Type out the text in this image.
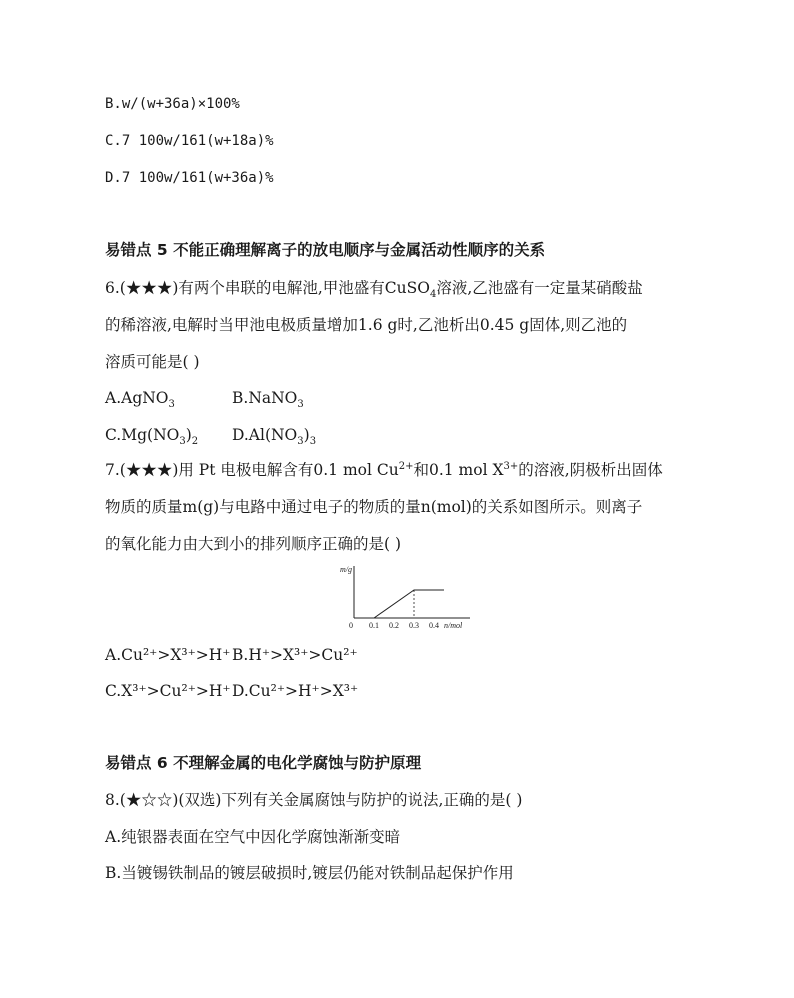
B.w/(w+36a)×100%
C.7 100w/161(w+18a)%
D.7 100w/161(w+36a)%
易错点 5 不能正确理解离子的放电顺序与金属活动性顺序的关系
6.(★★★)有两个串联的电解池,甲池盛有CuSO$_4$溶液,乙池盛有一定量某硝酸盐
的稀溶液,电解时当甲池电极质量增加1.6 g时,乙池析出0.45 g固体,则乙池的
溶质可能是( )
A.AgNO$_3$	B.NaNO$_3$
$C.Mg(NO_3)_2$ $D.Al(NO_3)_3$
7.(★★★)用 Pt 电极电解含有0.1 mol $Cu^{2+}$和0.1 mol $X^{3+}$的溶液,阴极析出固体
物质的质量m(g)与电路中通过电子的物质的量n(mol)的关系如图所示。则离子
的氧化能力由大到小的排列顺序正确的是( )
m/g
n/mol
0 0.1 0.2 0.3 0.4
A.Cu²⁺>X³⁺>H⁺ B.H⁺>X³⁺>Cu²⁺
C.X³⁺>Cu²⁺>H⁺ D.Cu²⁺>H⁺>X³⁺
易错点 6 不理解金属的电化学腐蚀与防护原理
8.(★☆☆)(双选)下列有关金属腐蚀与防护的说法,正确的是( )
A.纯银器表面在空气中因化学腐蚀渐渐变暗
B.当镀锡铁制品的镀层破损时,镀层仍能对铁制品起保护作用
